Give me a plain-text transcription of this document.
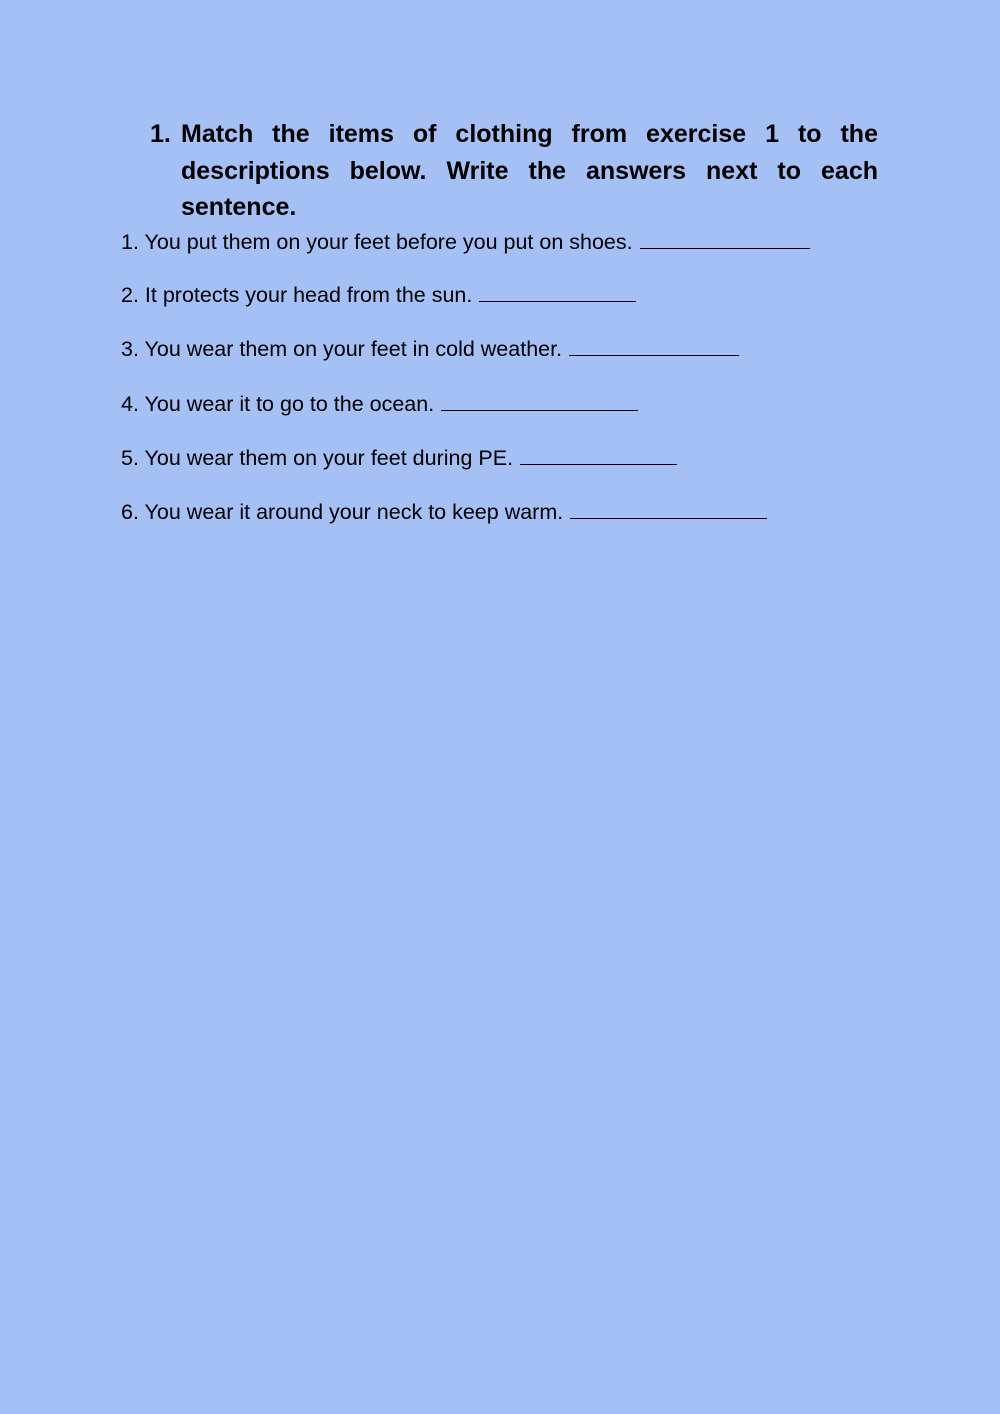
1. Match the items of clothing from exercise 1 to the descriptions below. Write the answers next to each sentence.
1. You put them on your feet before you put on shoes.
2. It protects your head from the sun.
3. You wear them on your feet in cold weather.
4. You wear it to go to the ocean.
5. You wear them on your feet during PE.
6. You wear it around your neck to keep warm.
